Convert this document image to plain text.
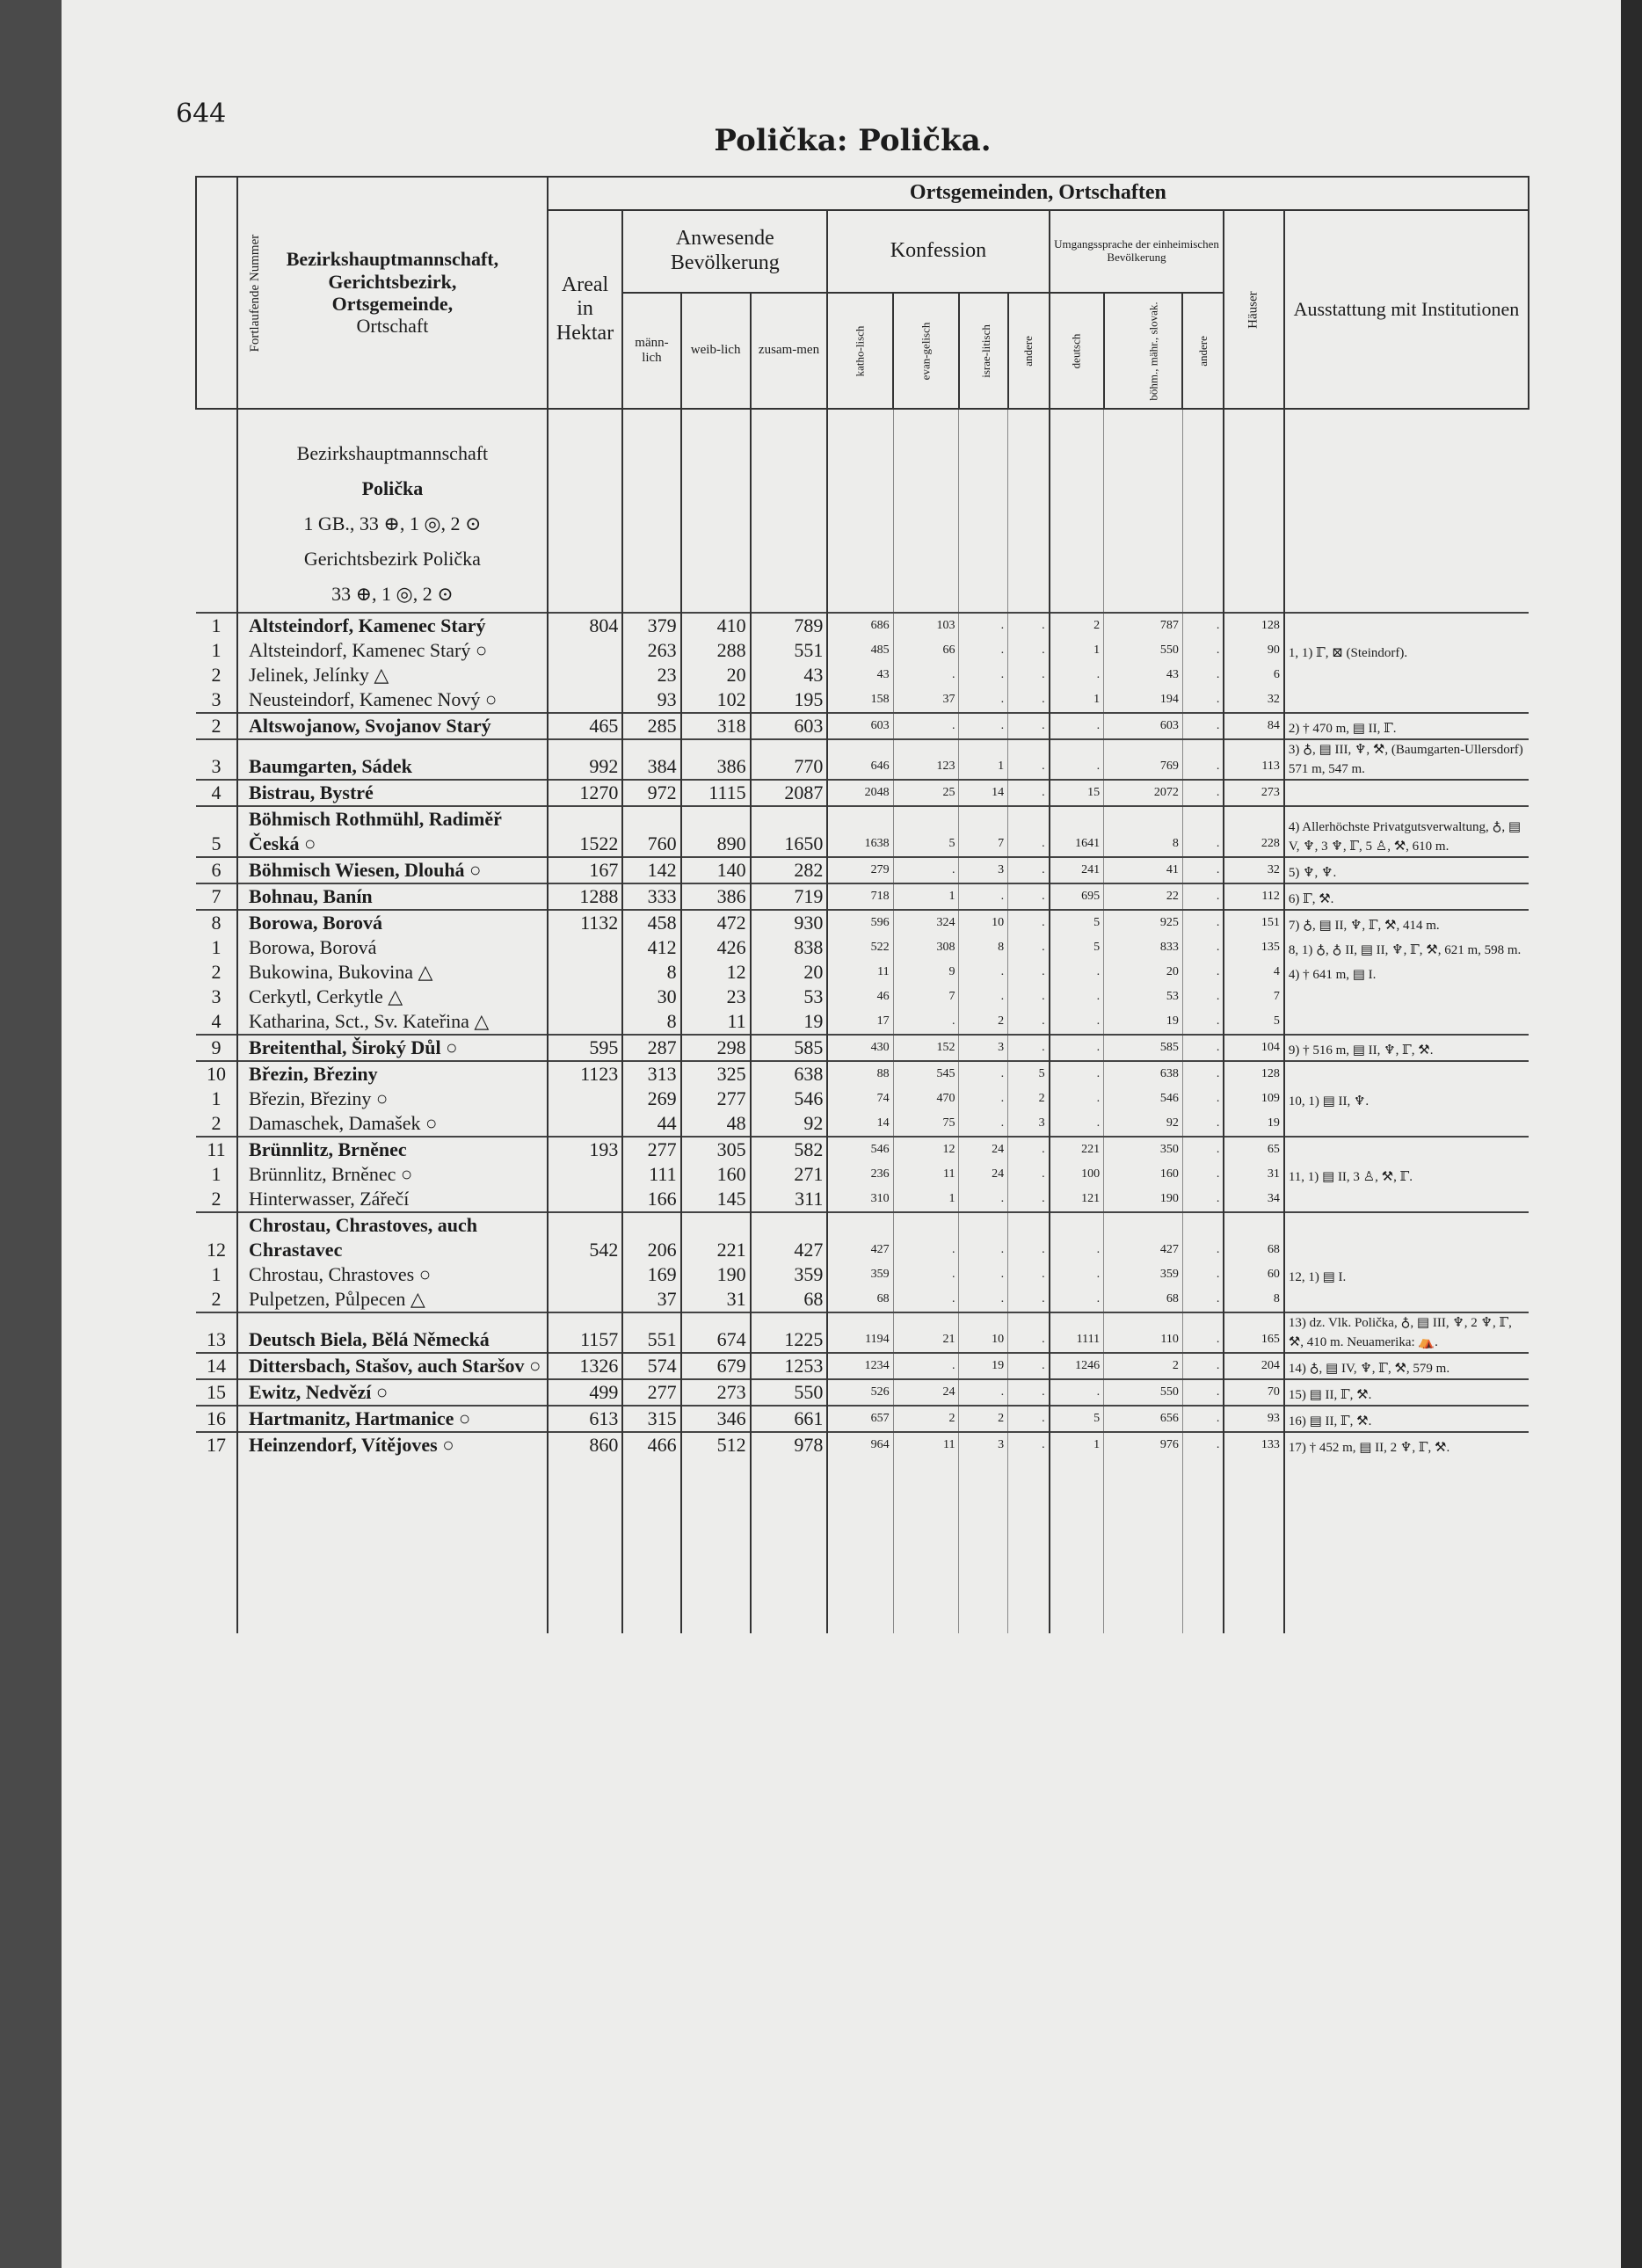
644
Polička: Polička.
Fortlaufende Nummer	Bezirkshauptmannschaft,
Gerichtsbezirk,
Ortsgemeinde,
Ortschaft	Ortsgemeinden, Ortschaften												

		Areal
in
Hektar	Anwesende Bevölkerung			Konfession				Umgangssprache der einheimischen Bevölkerung			Häuser	Ausstattung mit Institutionen
			männ-lich	weib-lich	zusam-men	katho-lisch	evan-gelisch	israe-litisch	andere	deutsch	böhm., mähr., slovak.	andere		

	Bezirkshauptmannschaft
Polička
1 GB., 33 ⊕, 1 ◎, 2 ⊙
Gerichtsbezirk Polička
33 ⊕, 1 ◎, 2 ⊙													

1	Altsteindorf, Kamenec Starý	804	379	410	789	686	103	.	.	2	787	.	128	
1	Altsteindorf, Kamenec Starý ○		263	288	551	485	66	.	.	1	550	.	90	1, 1) ℾ, ⊠ (Steindorf).
2	Jelinek, Jelínky △		23	20	43	43	.	.	.	.	43	.	6	
3	Neusteindorf, Kamenec Nový ○		93	102	195	158	37	.	.	1	194	.	32	
2	Altswojanow, Svojanov Starý	465	285	318	603	603	.	.	.	.	603	.	84	2) † 470 m, ▤ II, ℾ.
3	Baumgarten, Sádek	992	384	386	770	646	123	1	.	.	769	.	113	3) ♁, ▤ III, ♆, ⚒, (Baumgarten-Ullersdorf) 571 m, 547 m.
4	Bistrau, Bystré	1270	972	1115	2087	2048	25	14	.	15	2072	.	273	
5	Böhmisch Rothmühl, Radiměř Česká ○	1522	760	890	1650	1638	5	7	.	1641	8	.	228	4) Allerhöchste Privatgutsverwaltung, ♁, ▤ V, ♆, 3 ♆, ℾ, 5 ♙, ⚒, 610 m.
6	Böhmisch Wiesen, Dlouhá ○	167	142	140	282	279	.	3	.	241	41	.	32	5) ♆, ♆.
7	Bohnau, Banín	1288	333	386	719	718	1	.	.	695	22	.	112	6) ℾ, ⚒.
8	Borowa, Borová	1132	458	472	930	596	324	10	.	5	925	.	151	7) ♁, ▤ II, ♆, ℾ, ⚒, 414 m.
1	Borowa, Borová		412	426	838	522	308	8	.	5	833	.	135	8, 1) ♁, ♁ II, ▤ II, ♆, ℾ, ⚒, 621 m, 598 m.
2	Bukowina, Bukovina △		8	12	20	11	9	.	.	.	20	.	4	4) † 641 m, ▤ I.
3	Cerkytl, Cerkytle △		30	23	53	46	7	.	.	.	53	.	7	
4	Katharina, Sct., Sv. Kateřina △		8	11	19	17	.	2	.	.	19	.	5	
9	Breitenthal, Široký Důl ○	595	287	298	585	430	152	3	.	.	585	.	104	9) † 516 m, ▤ II, ♆, ℾ, ⚒.
10	Březin, Březiny	1123	313	325	638	88	545	.	5	.	638	.	128	
1	Březin, Březiny ○		269	277	546	74	470	.	2	.	546	.	109	10, 1) ▤ II, ♆.
2	Damaschek, Damašek ○		44	48	92	14	75	.	3	.	92	.	19	
11	Brünnlitz, Brněnec	193	277	305	582	546	12	24	.	221	350	.	65	
1	Brünnlitz, Brněnec ○		111	160	271	236	11	24	.	100	160	.	31	11, 1) ▤ II, 3 ♙, ⚒, ℾ.
2	Hinterwasser, Zářečí		166	145	311	310	1	.	.	121	190	.	34	
12	Chrostau, Chrastoves, auch Chrastavec	542	206	221	427	427	.	.	.	.	427	.	68	
1	Chrostau, Chrastoves ○		169	190	359	359	.	.	.	.	359	.	60	12, 1) ▤ I.
2	Pulpetzen, Půlpecen △		37	31	68	68	.	.	.	.	68	.	8	
13	Deutsch Biela, Bělá Německá	1157	551	674	1225	1194	21	10	.	1111	110	.	165	13) dz. Vlk. Polička, ♁, ▤ III, ♆, 2 ♆, ℾ, ⚒, 410 m. Neuamerika: ⛺.
14	Dittersbach, Stašov, auch Staršov ○	1326	574	679	1253	1234	.	19	.	1246	2	.	204	14) ♁, ▤ IV, ♆, ℾ, ⚒, 579 m.
15	Ewitz, Nedvězí ○	499	277	273	550	526	24	.	.	.	550	.	70	15) ▤ II, ℾ, ⚒.
16	Hartmanitz, Hartmanice ○	613	315	346	661	657	2	2	.	5	656	.	93	16) ▤ II, ℾ, ⚒.
17	Heinzendorf, Vítějoves ○	860	466	512	978	964	11	3	.	1	976	.	133	17) † 452 m, ▤ II, 2 ♆, ℾ, ⚒.
